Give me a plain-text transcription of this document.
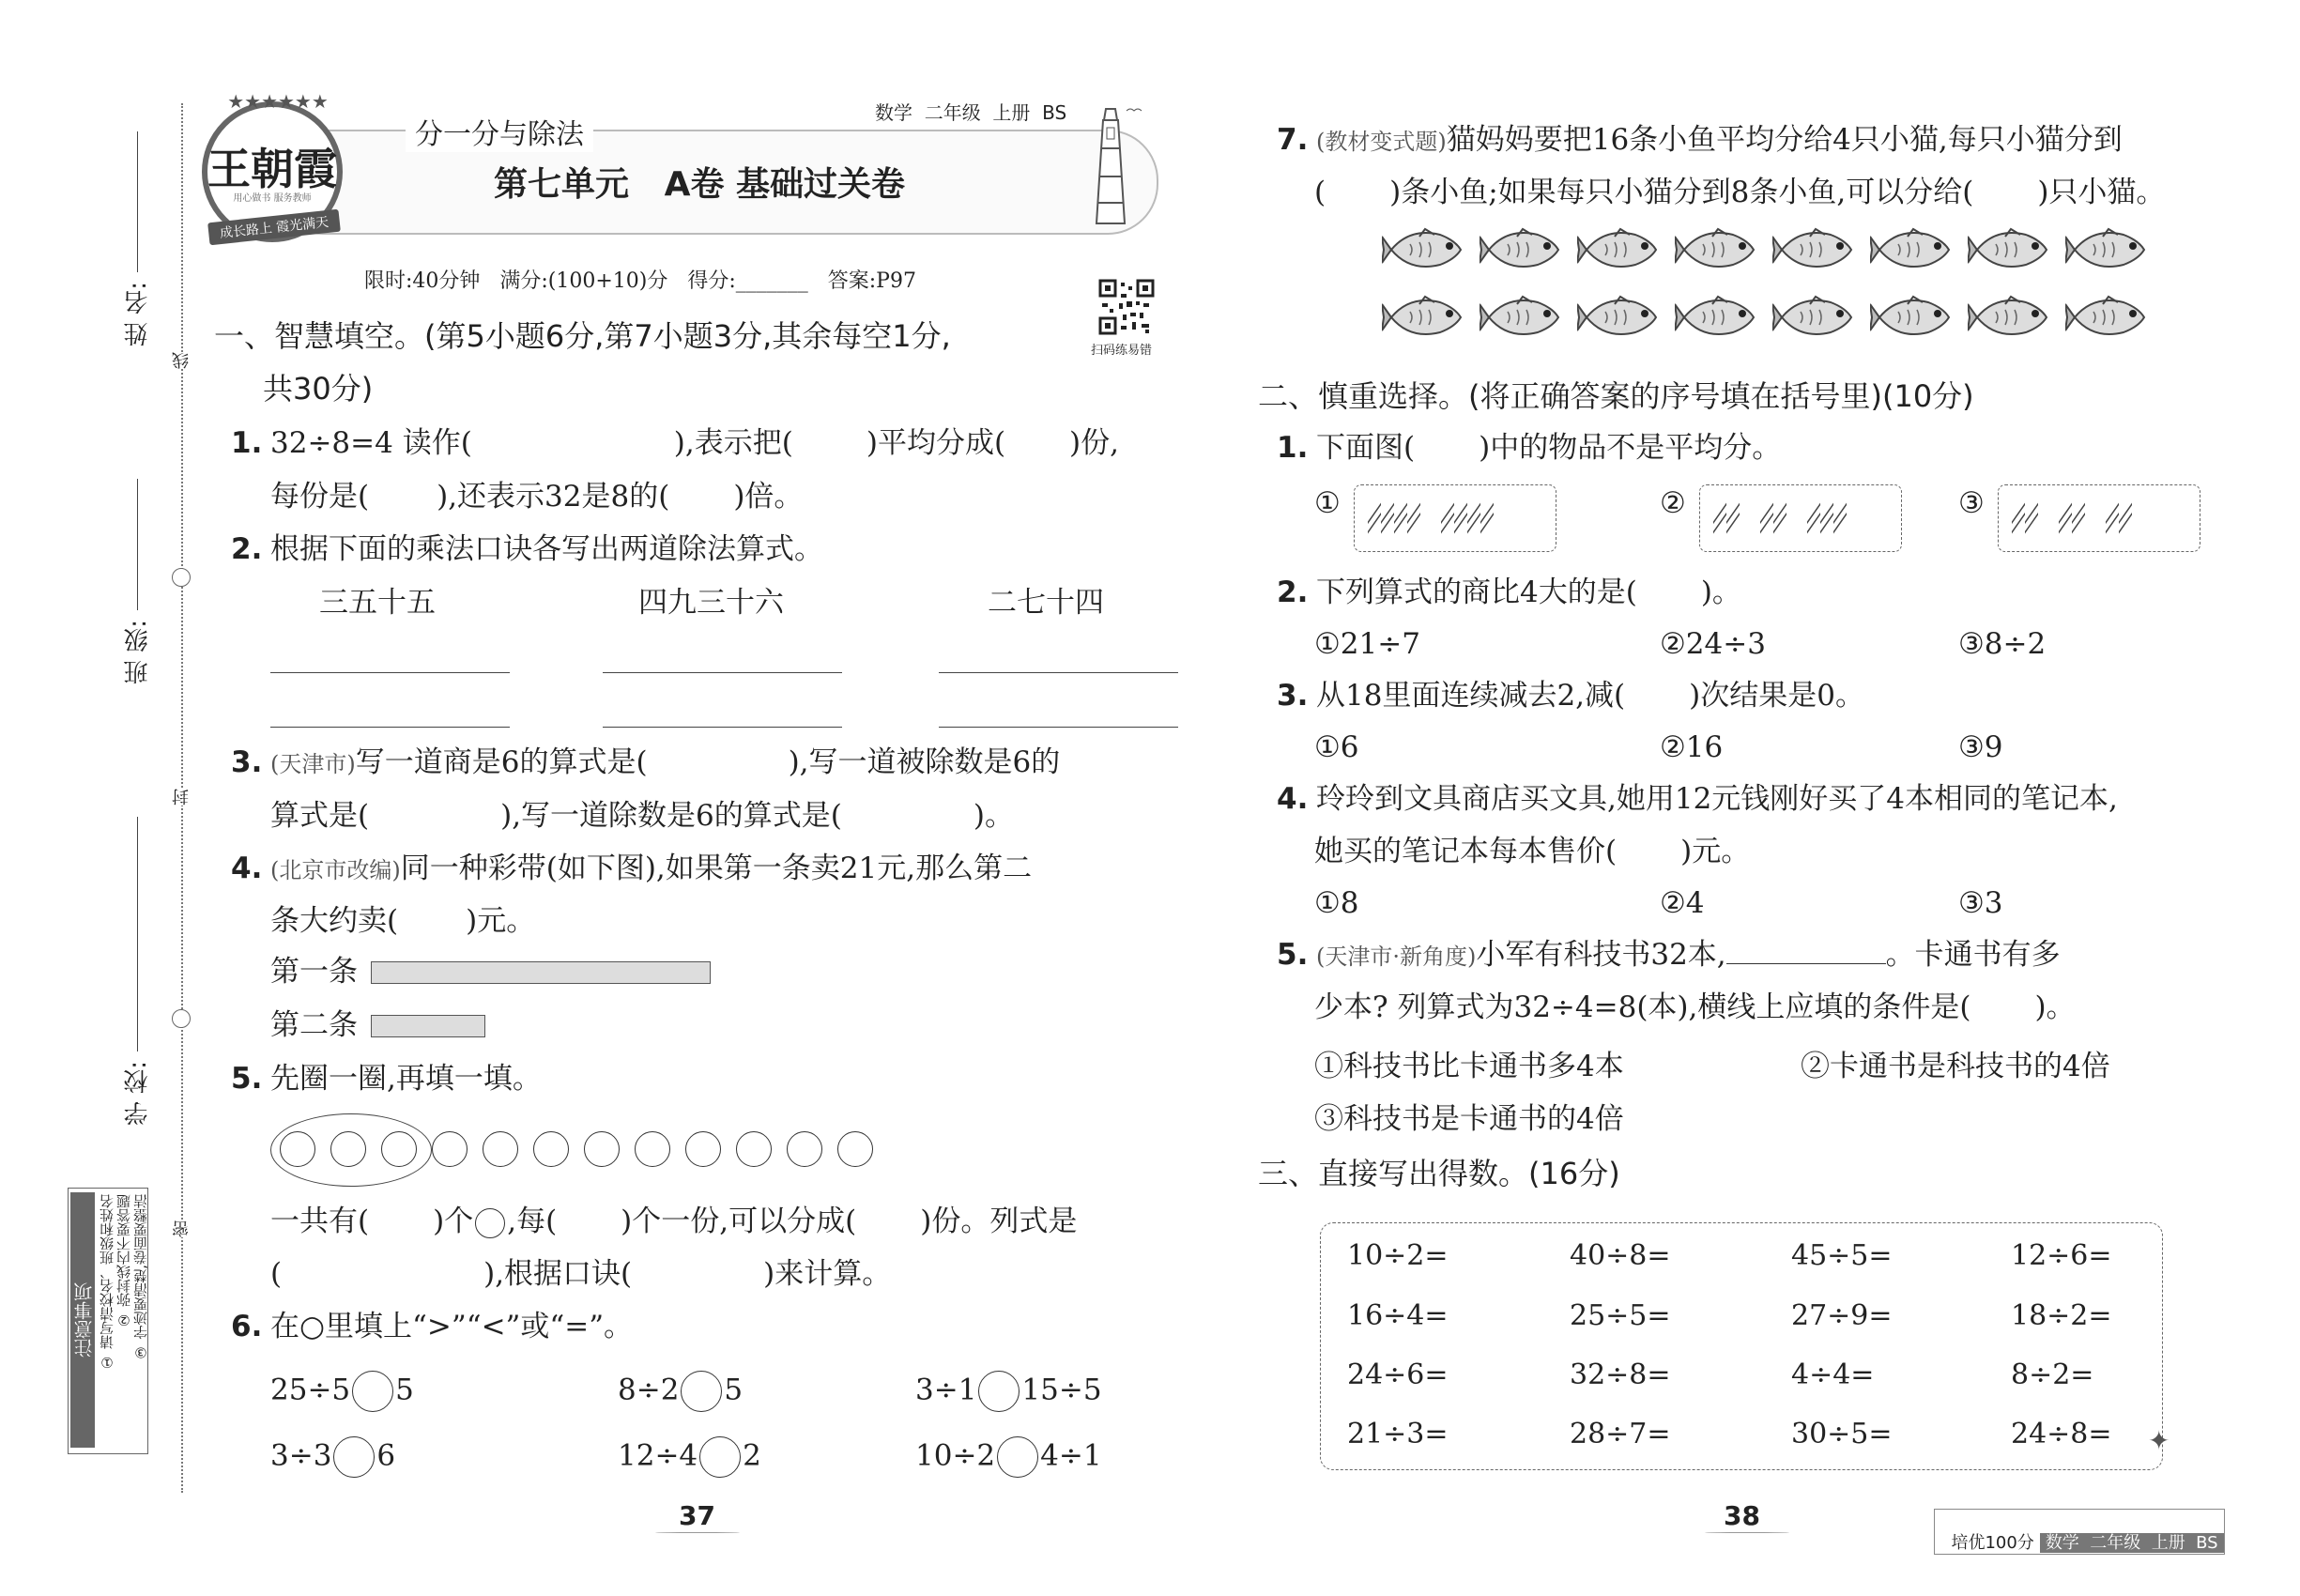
姓 名:
班 级:
学 校:
线
封
密
注意事项 ① 请写清校名、班级和姓名 ② 弥封线内不要答题 ③ 字迹要清楚,卷面要整洁
★★★★★★
王朝霞
用心做书 服务教师
成长路上 霞光满天
分一分与除法
数学  二年级  上册  BS
第七单元   A卷 基础过关卷
限时:40分钟   满分:(100+10)分   得分:_______   答案:P97
扫码练易错
一、智慧填空。(第5小题6分,第7小题3分,其余每空1分,
共30分)
1. 32÷8=4 读作(	),表示把(	)平均分成( )份,
每份是( ),还表示32是8的( )倍。
2. 根据下面的乘法口诀各写出两道除法算式。
三五十五	四九三十六	二七十四
3. (天津市)写一道商是6的算式是(	),写一道被除数是6的
算式是(	),写一道除数是6的算式是(	)。
4. (北京市改编)同一种彩带(如下图),如果第一条卖21元,那么第二
条大约卖( )元。
第一条
第二条
5. 先圈一圈,再填一填。
一共有( )个 ,每( )个一份,可以分成( )份。列式是
(	),根据口诀(	)来计算。
6. 在○里填上“>”“<”或“=”。
25÷5 5	8÷2 5	3÷1 15÷5
3÷3 6	12÷4 2	10÷2 4÷1
7. (教材变式题)猫妈妈要把16条小鱼平均分给4只小猫,每只小猫分到
( )条小鱼;如果每只小猫分到8条小鱼,可以分给( )只小猫。
二、慎重选择。(将正确答案的序号填在括号里)(10分)
1. 下面图( )中的物品不是平均分。
①	②	③
2. 下列算式的商比4大的是( )。
①21÷7	②24÷3	③8÷2
3. 从18里面连续减去2,减( )次结果是0。
①6	②16	③9
4. 玲玲到文具商店买文具,她用12元钱刚好买了4本相同的笔记本,
她买的笔记本每本售价( )元。
①8	②4	③3
5. (天津市·新角度)小军有科技书32本,	。卡通书有多
少本? 列算式为32÷4=8(本),横线上应填的条件是( )。
①科技书比卡通书多4本	②卡通书是科技书的4倍
③科技书是卡通书的4倍
三、直接写出得数。(16分)
10÷2=	40÷8=	45÷5=	12÷6=
16÷4=	25÷5=	27÷9=	18÷2=
24÷6=	32÷8=	4÷4=	8÷2=
21÷3=	28÷7=	30÷5=	24÷8= ✦
37	38

培优100分 数学  二年级  上册  BS
